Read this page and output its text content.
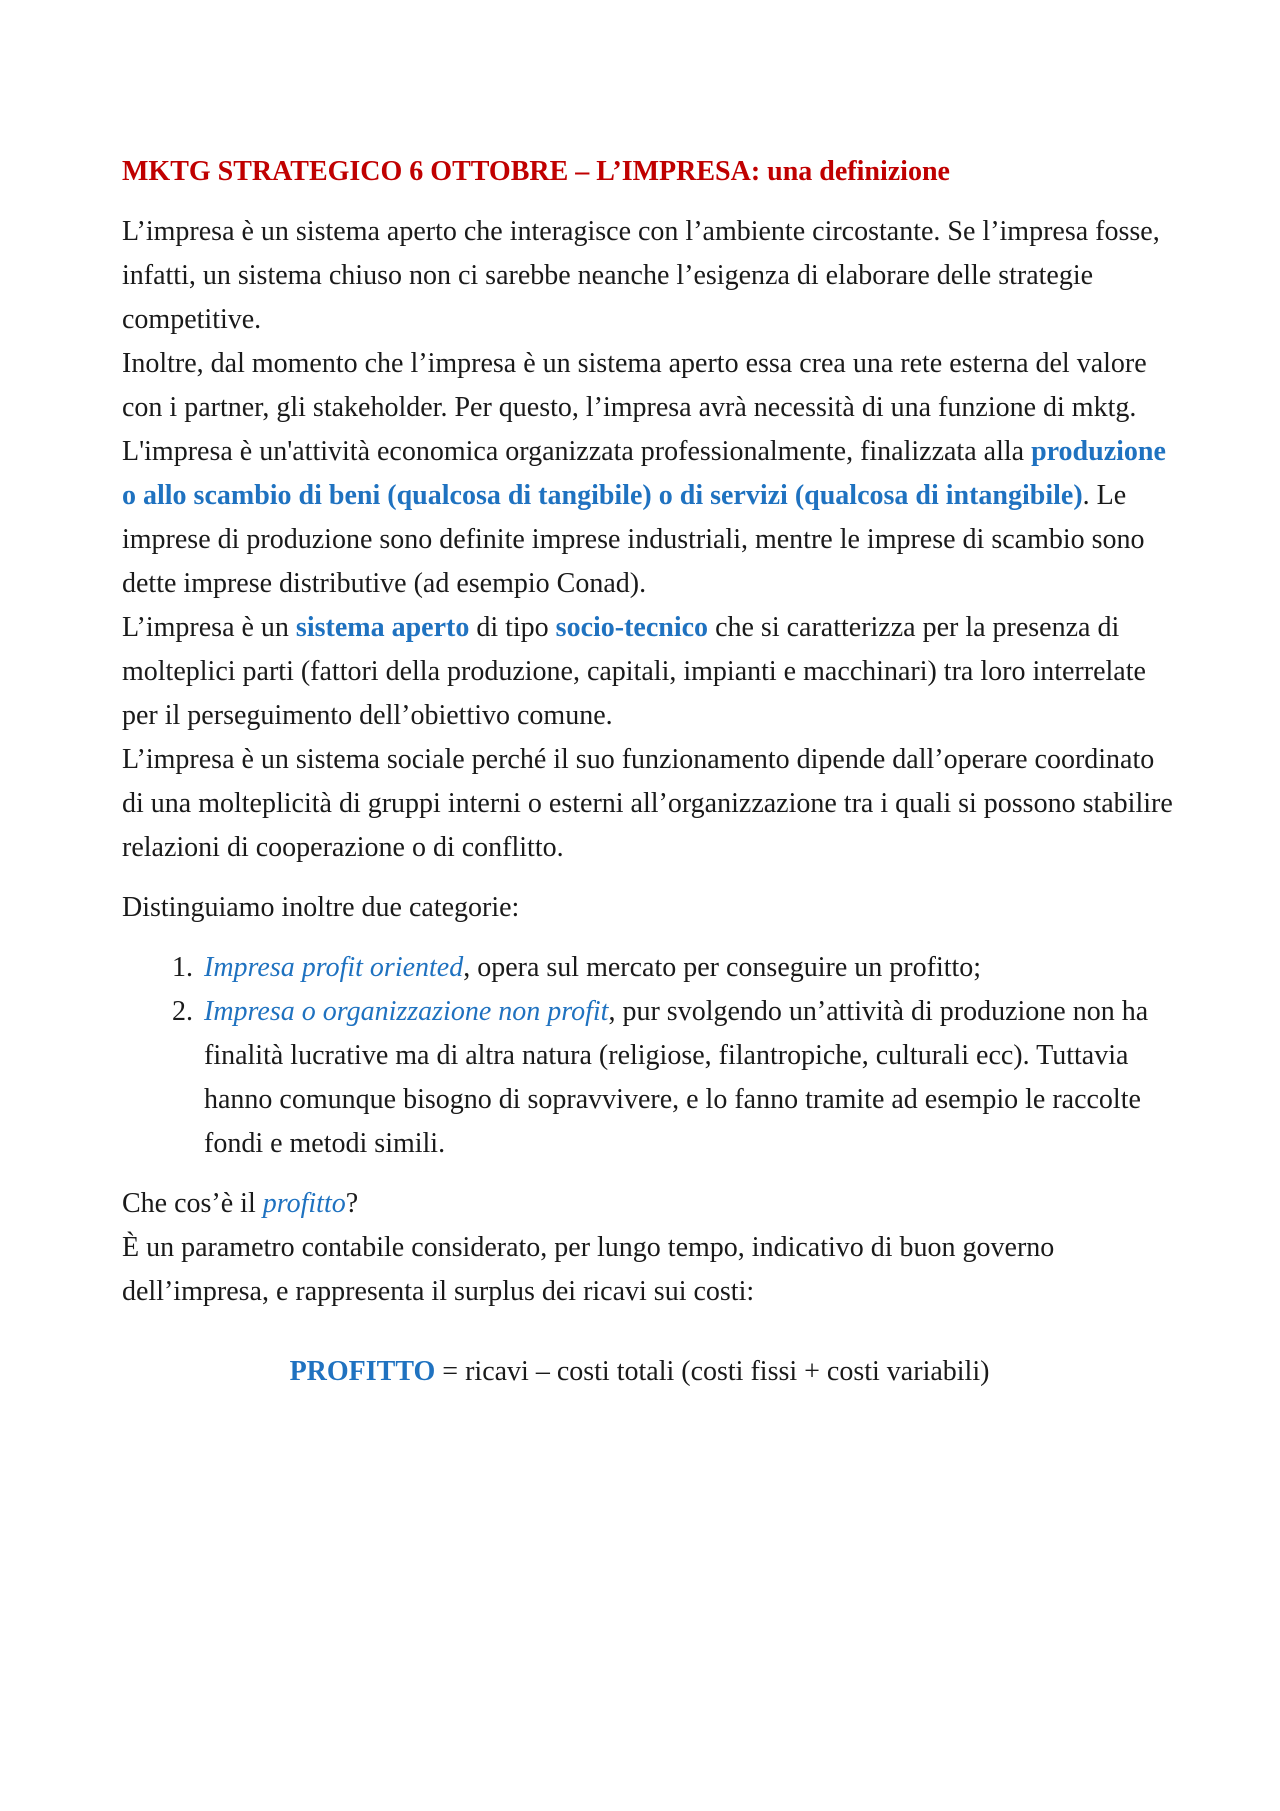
MKTG STRATEGICO 6 OTTOBRE – L’IMPRESA: una definizione

L’impresa è un sistema aperto che interagisce con l’ambiente circostante. Se l’impresa fosse, infatti, un sistema chiuso non ci sarebbe neanche l’esigenza di elaborare delle strategie competitive.

Inoltre, dal momento che l’impresa è un sistema aperto essa crea una rete esterna del valore con i partner, gli stakeholder. Per questo, l’impresa avrà necessità di una funzione di mktg.

L'impresa è un'attività economica organizzata professionalmente, finalizzata alla produzione o allo scambio di beni (qualcosa di tangibile) o di servizi (qualcosa di intangibile). Le imprese di produzione sono definite imprese industriali, mentre le imprese di scambio sono dette imprese distributive (ad esempio Conad).

L’impresa è un sistema aperto di tipo socio-tecnico che si caratterizza per la presenza di molteplici parti (fattori della produzione, capitali, impianti e macchinari) tra loro interrelate per il perseguimento dell’obiettivo comune.

L’impresa è un sistema sociale perché il suo funzionamento dipende dall’operare coordinato di una molteplicità di gruppi interni o esterni all’organizzazione tra i quali si possono stabilire relazioni di cooperazione o di conflitto.

Distinguiamo inoltre due categorie:

1. Impresa profit oriented, opera sul mercato per conseguire un profitto;
2. Impresa o organizzazione non profit, pur svolgendo un’attività di produzione non ha finalità lucrative ma di altra natura (religiose, filantropiche, culturali ecc). Tuttavia hanno comunque bisogno di sopravvivere, e lo fanno tramite ad esempio le raccolte fondi e metodi simili.

Che cos’è il profitto?

È un parametro contabile considerato, per lungo tempo, indicativo di buon governo dell’impresa, e rappresenta il surplus dei ricavi sui costi:

PROFITTO = ricavi – costi totali (costi fissi + costi variabili)
